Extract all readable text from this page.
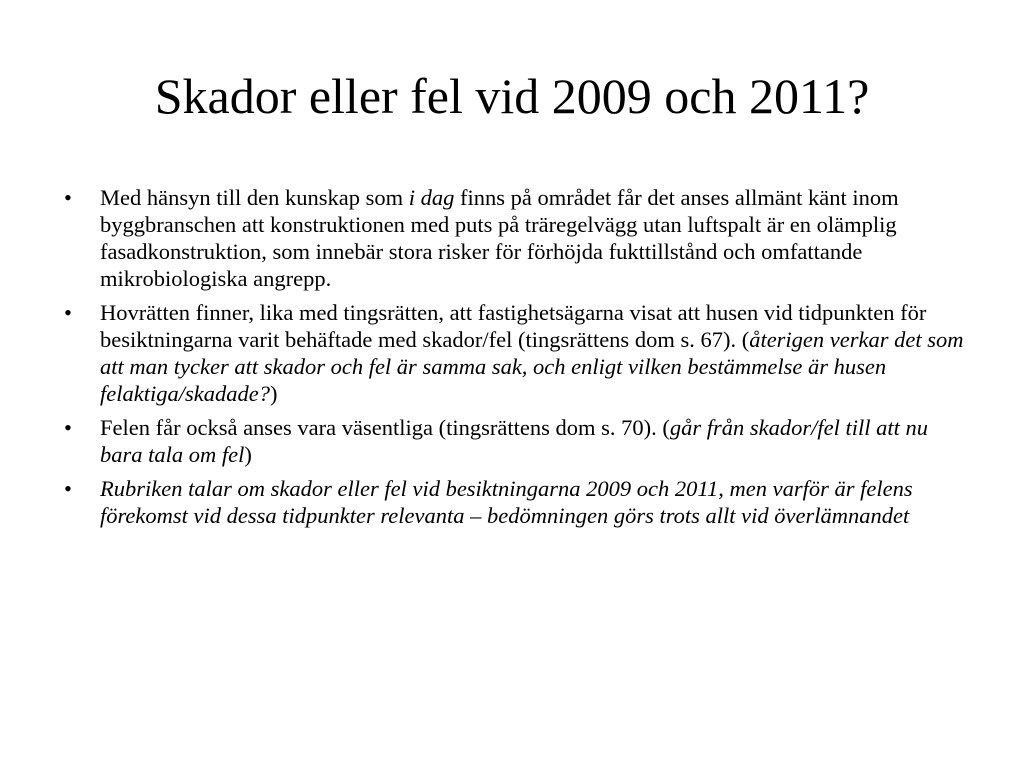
Skador eller fel vid 2009 och 2011?
•	Med hänsyn till den kunskap som i dag finns på området får det anses allmänt känt inom byggbranschen att konstruktionen med puts på träregelvägg utan luftspalt är en olämplig fasadkonstruktion, som innebär stora risker för förhöjda fukttillstånd och omfattande mikrobiologiska angrepp.
•	Hovrätten finner, lika med tingsrätten, att fastighetsägarna visat att husen vid tidpunkten för besiktningarna varit behäftade med skador/fel (tingsrättens dom s. 67). (återigen verkar det som att man tycker att skador och fel är samma sak, och enligt vilken bestämmelse är husen felaktiga/skadade?)
•	Felen får också anses vara väsentliga (tingsrättens dom s. 70). (går från skador/fel till att nu bara tala om fel)
•	Rubriken talar om skador eller fel vid besiktningarna 2009 och 2011, men varför är felens förekomst vid dessa tidpunkter relevanta – bedömningen görs trots allt vid överlämnandet
